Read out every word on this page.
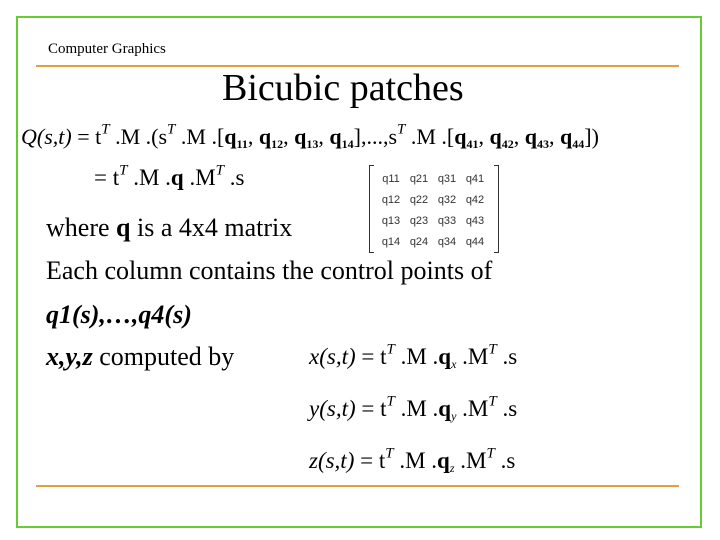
Computer Graphics
Bicubic patches
$Q(s,t) = t^T$ .M $.(s^T$ .M $.[q_{11}$, $q_{12}$, $q_{13}$, $q_{14}],...,s^T$ .M $.[q_{41}$, $q_{42}$, $q_{43}$, $q_{44}$])
= $t^T$ .M .q $.M^T$ .s	q11	q21	q31	q41
q12	q22	q32	q42
q13	q23	q33	q43
q14	q24	q34	q44
where q is a 4x4 matrix
Each column contains the control points of
q1(s),…,q4(s)
x,y,z computed by	$x(s,t) = t^T$ .M .qx $.M^T$ .s
$y(s,t) = t^T$ .M .qy $.M^T$ .s
$z(s,t) = t^T$ .M .qz $.M^T$ .s
